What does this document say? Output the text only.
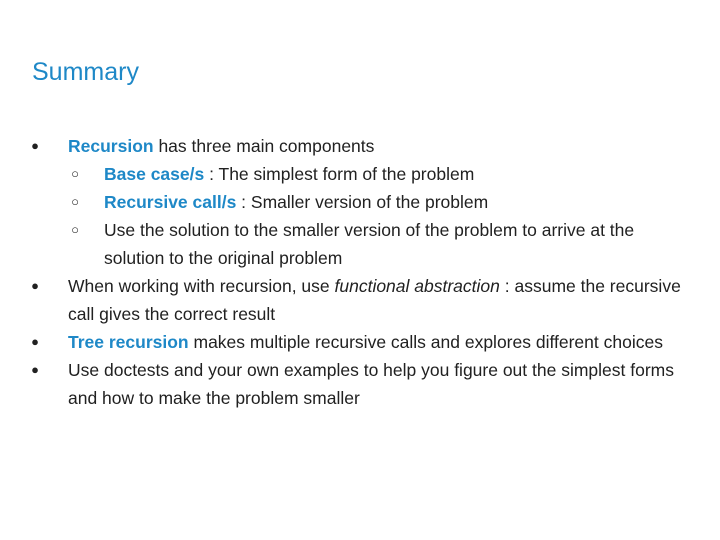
Summary
● Recursion has three main components
○ Base case/s : The simplest form of the problem
○ Recursive call/s : Smaller version of the problem
○ Use the solution to the smaller version of the problem to arrive at the solution to the original problem
● When working with recursion, use functional abstraction : assume the recursive call gives the correct result
● Tree recursion makes multiple recursive calls and explores different choices
● Use doctests and your own examples to help you figure out the simplest forms and how to make the problem smaller
